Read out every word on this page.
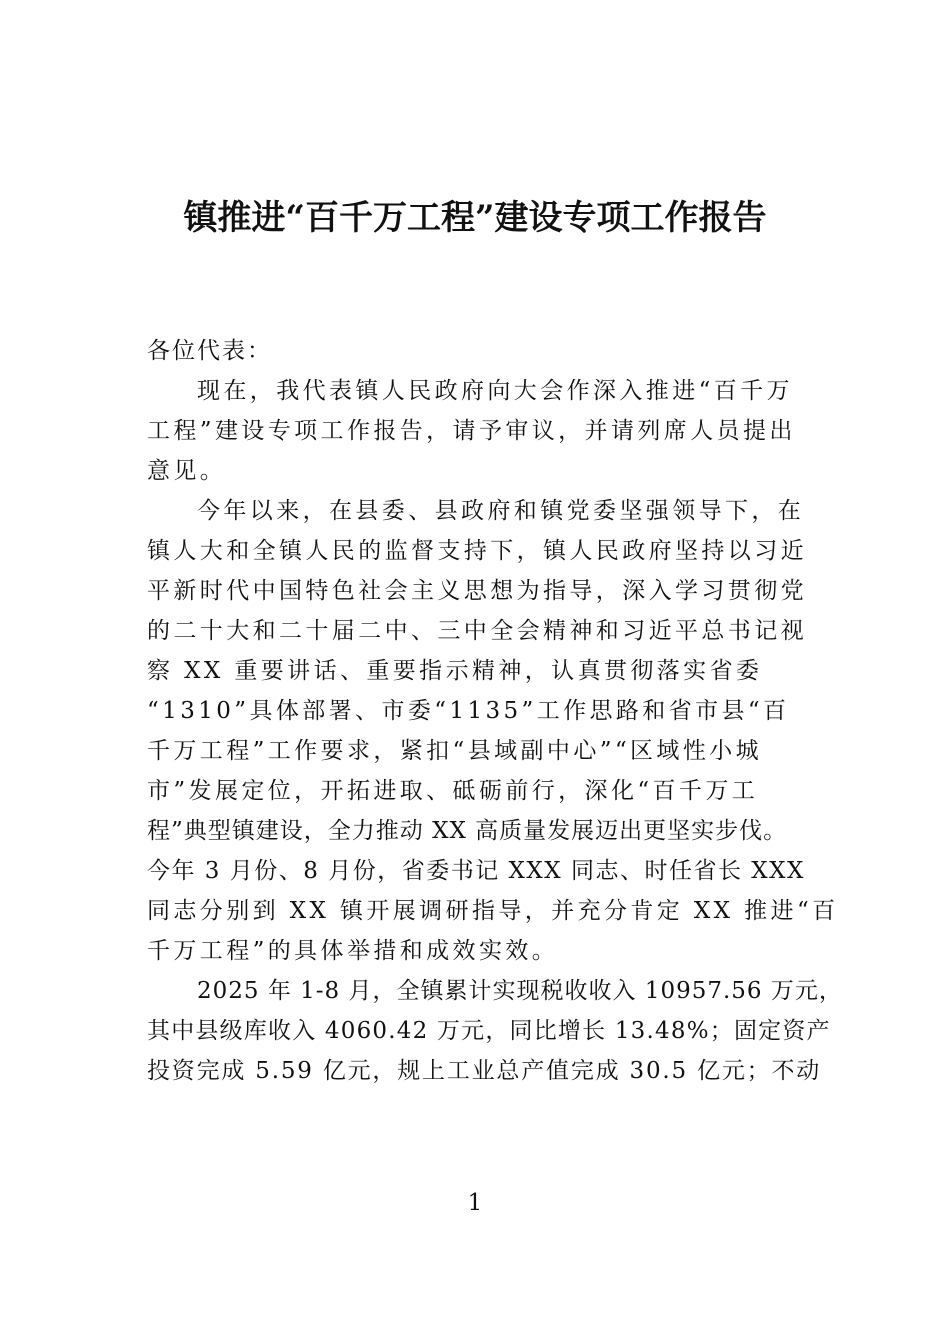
镇推进“百千万工程”建设专项工作报告
各位代表：
现在，我代表镇人民政府向大会作深入推进“百千万
工程”建设专项工作报告，请予审议，并请列席人员提出
意见。
今年以来，在县委、县政府和镇党委坚强领导下，在
镇人大和全镇人民的监督支持下，镇人民政府坚持以习近
平新时代中国特色社会主义思想为指导，深入学习贯彻党
的二十大和二十届二中、三中全会精神和习近平总书记视
察 XX 重要讲话、重要指示精神，认真贯彻落实省委
“1310”具体部署、市委“1135”工作思路和省市县“百
千万工程”工作要求，紧扣“县域副中心”“区域性小城
市”发展定位，开拓进取、砥砺前行，深化“百千万工
程”典型镇建设，全力推动 XX 高质量发展迈出更坚实步伐。
今年 3 月份、8 月份，省委书记 XXX 同志、时任省长 XXX
同志分别到 XX 镇开展调研指导，并充分肯定 XX 推进“百
千万工程”的具体举措和成效实效。
2025 年 1-8 月，全镇累计实现税收收入 10957.56 万元，
其中县级库收入 4060.42 万元，同比增长 13.48%；固定资产
投资完成 5.59 亿元，规上工业总产值完成 30.5 亿元；不动
1
